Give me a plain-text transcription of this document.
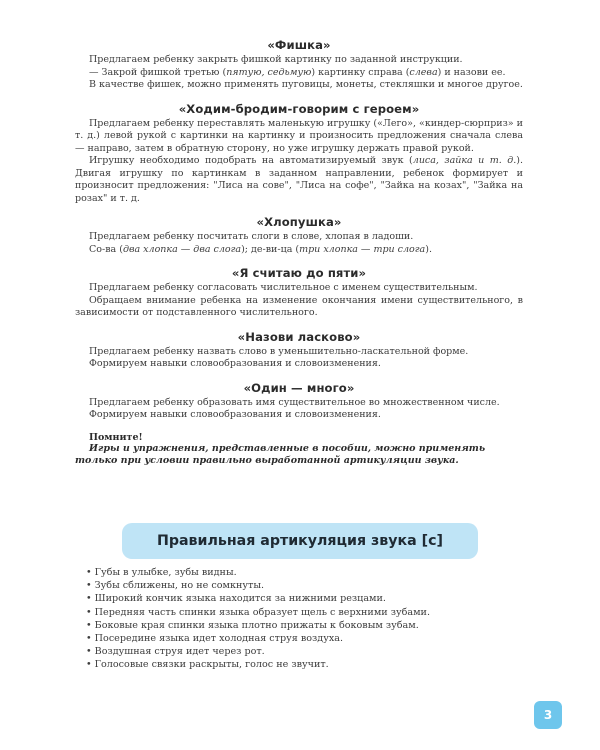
«Фишка»

Предлагаем ребенку закрыть фишкой картинку по заданной инструкции.

— Закрой фишкой третью (пятую, седьмую) картинку справа (слева) и назови ее.

В качестве фишек, можно применять пуговицы, монеты, стекляшки и многое другое.

«Ходим-бродим-говорим с героем»

Предлагаем ребенку переставлять маленькую игрушку («Лего», «киндер-сюрприз» и т. д.) левой рукой с картинки на картинку и произносить предложения сначала слева — направо, затем в обратную сторону, но уже игрушку держать правой рукой.

Игрушку необходимо подобрать на автоматизируемый звук (лиса, зайка и т. д.). Двигая игрушку по картинкам в заданном направлении, ребенок формирует и произносит предложения: "Лиса на сове", "Лиса на софе", "Зайка на козах", "Зайка на розах" и т. д.

«Хлопушка»

Предлагаем ребенку посчитать слоги в слове, хлопая в ладоши.

Со-ва (два хлопка — два слога); де-ви-ца (три хлопка — три слога).

«Я считаю до пяти»

Предлагаем ребенку согласовать числительное с именем существительным.

Обращаем внимание ребенка на изменение окончания имени существительного, в зависимости от подставленного числительного.

«Назови ласково»

Предлагаем ребенку назвать слово в уменьшительно-ласкательной форме.

Формируем навыки словообразования и словоизменения.

«Один — много»

Предлагаем ребенку образовать имя существительное во множественном числе.

Формируем навыки словообразования и словоизменения.

Помните!

Игры и упражнения, представленные в пособии, можно применять только при условии правильно выработанной артикуляции звука.

Правильная артикуляция звука [с]
• Губы в улыбке, зубы видны.
• Зубы сближены, но не сомкнуты.
• Широкий кончик языка находится за нижними резцами.
• Передняя часть спинки языка образует щель с верхними зубами.
• Боковые края спинки языка плотно прижаты к боковым зубам.
• Посередине языка идет холодная струя воздуха.
• Воздушная струя идет через рот.
• Голосовые связки раскрыты, голос не звучит.
3
